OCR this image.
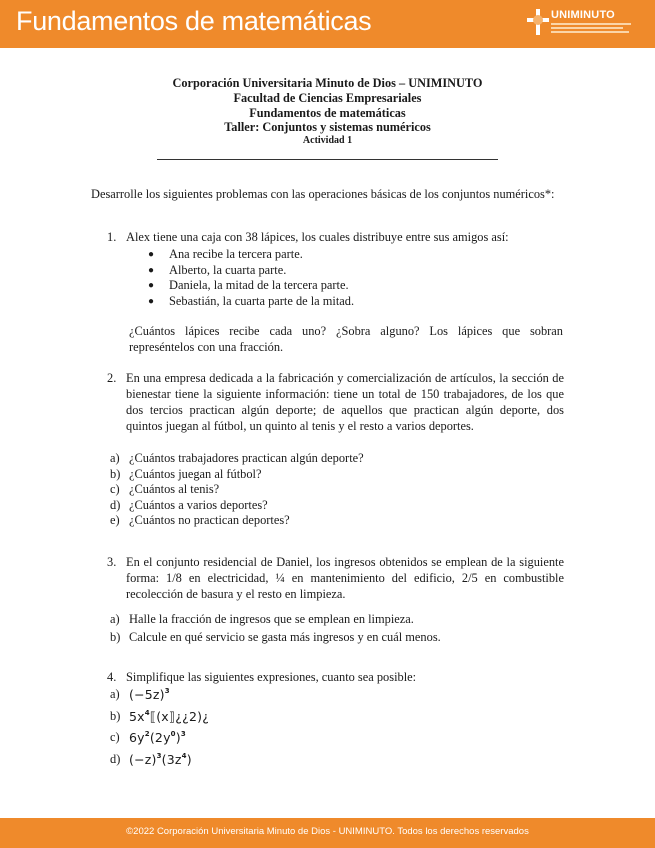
Fundamentos de matemáticas	UNIMINUTO
Corporación Universitaria Minuto de Dios – UNIMINUTO
Facultad de Ciencias Empresariales
Fundamentos de matemáticas
Taller: Conjuntos y sistemas numéricos
Actividad 1
Desarrolle los siguientes problemas con las operaciones básicas de los conjuntos numéricos*:
1. Alex tiene una caja con 38 lápices, los cuales distribuye entre sus amigos así:
●	Ana recibe la tercera parte.
●	Alberto, la cuarta parte.
●	Daniela, la mitad de la tercera parte.
●	Sebastián, la cuarta parte de la mitad.
¿Cuántos lápices recibe cada uno? ¿Sobra alguno? Los lápices que sobran represéntelos con una fracción.
2. En una empresa dedicada a la fabricación y comercialización de artículos, la sección de bienestar tiene la siguiente información: tiene un total de 150 trabajadores, de los que dos tercios practican algún deporte; de aquellos que practican algún deporte, dos quintos juegan al fútbol, un quinto al tenis y el resto a varios deportes.
a) ¿Cuántos trabajadores practican algún deporte?
b) ¿Cuántos juegan al fútbol?
c) ¿Cuántos al tenis?
d) ¿Cuántos a varios deportes?
e) ¿Cuántos no practican deportes?
3. En el conjunto residencial de Daniel, los ingresos obtenidos se emplean de la siguiente forma: 1/8 en electricidad, ¼ en mantenimiento del edificio, 2/5 en combustible recolección de basura y el resto en limpieza.
a) Halle la fracción de ingresos que se emplean en limpieza.
b) Calcule en qué servicio se gasta más ingresos y en cuál menos.
4. Simplifique las siguientes expresiones, cuanto sea posible:
a) $(-5z)^3$
b) $5x^4⟦(x⟧¿¿2)¿$
c) $6y^2(2y^0)^3$
d) $(-z)^3(3z^4)$
©2022 Corporación Universitaria Minuto de Dios - UNIMINUTO. Todos los derechos reservados
